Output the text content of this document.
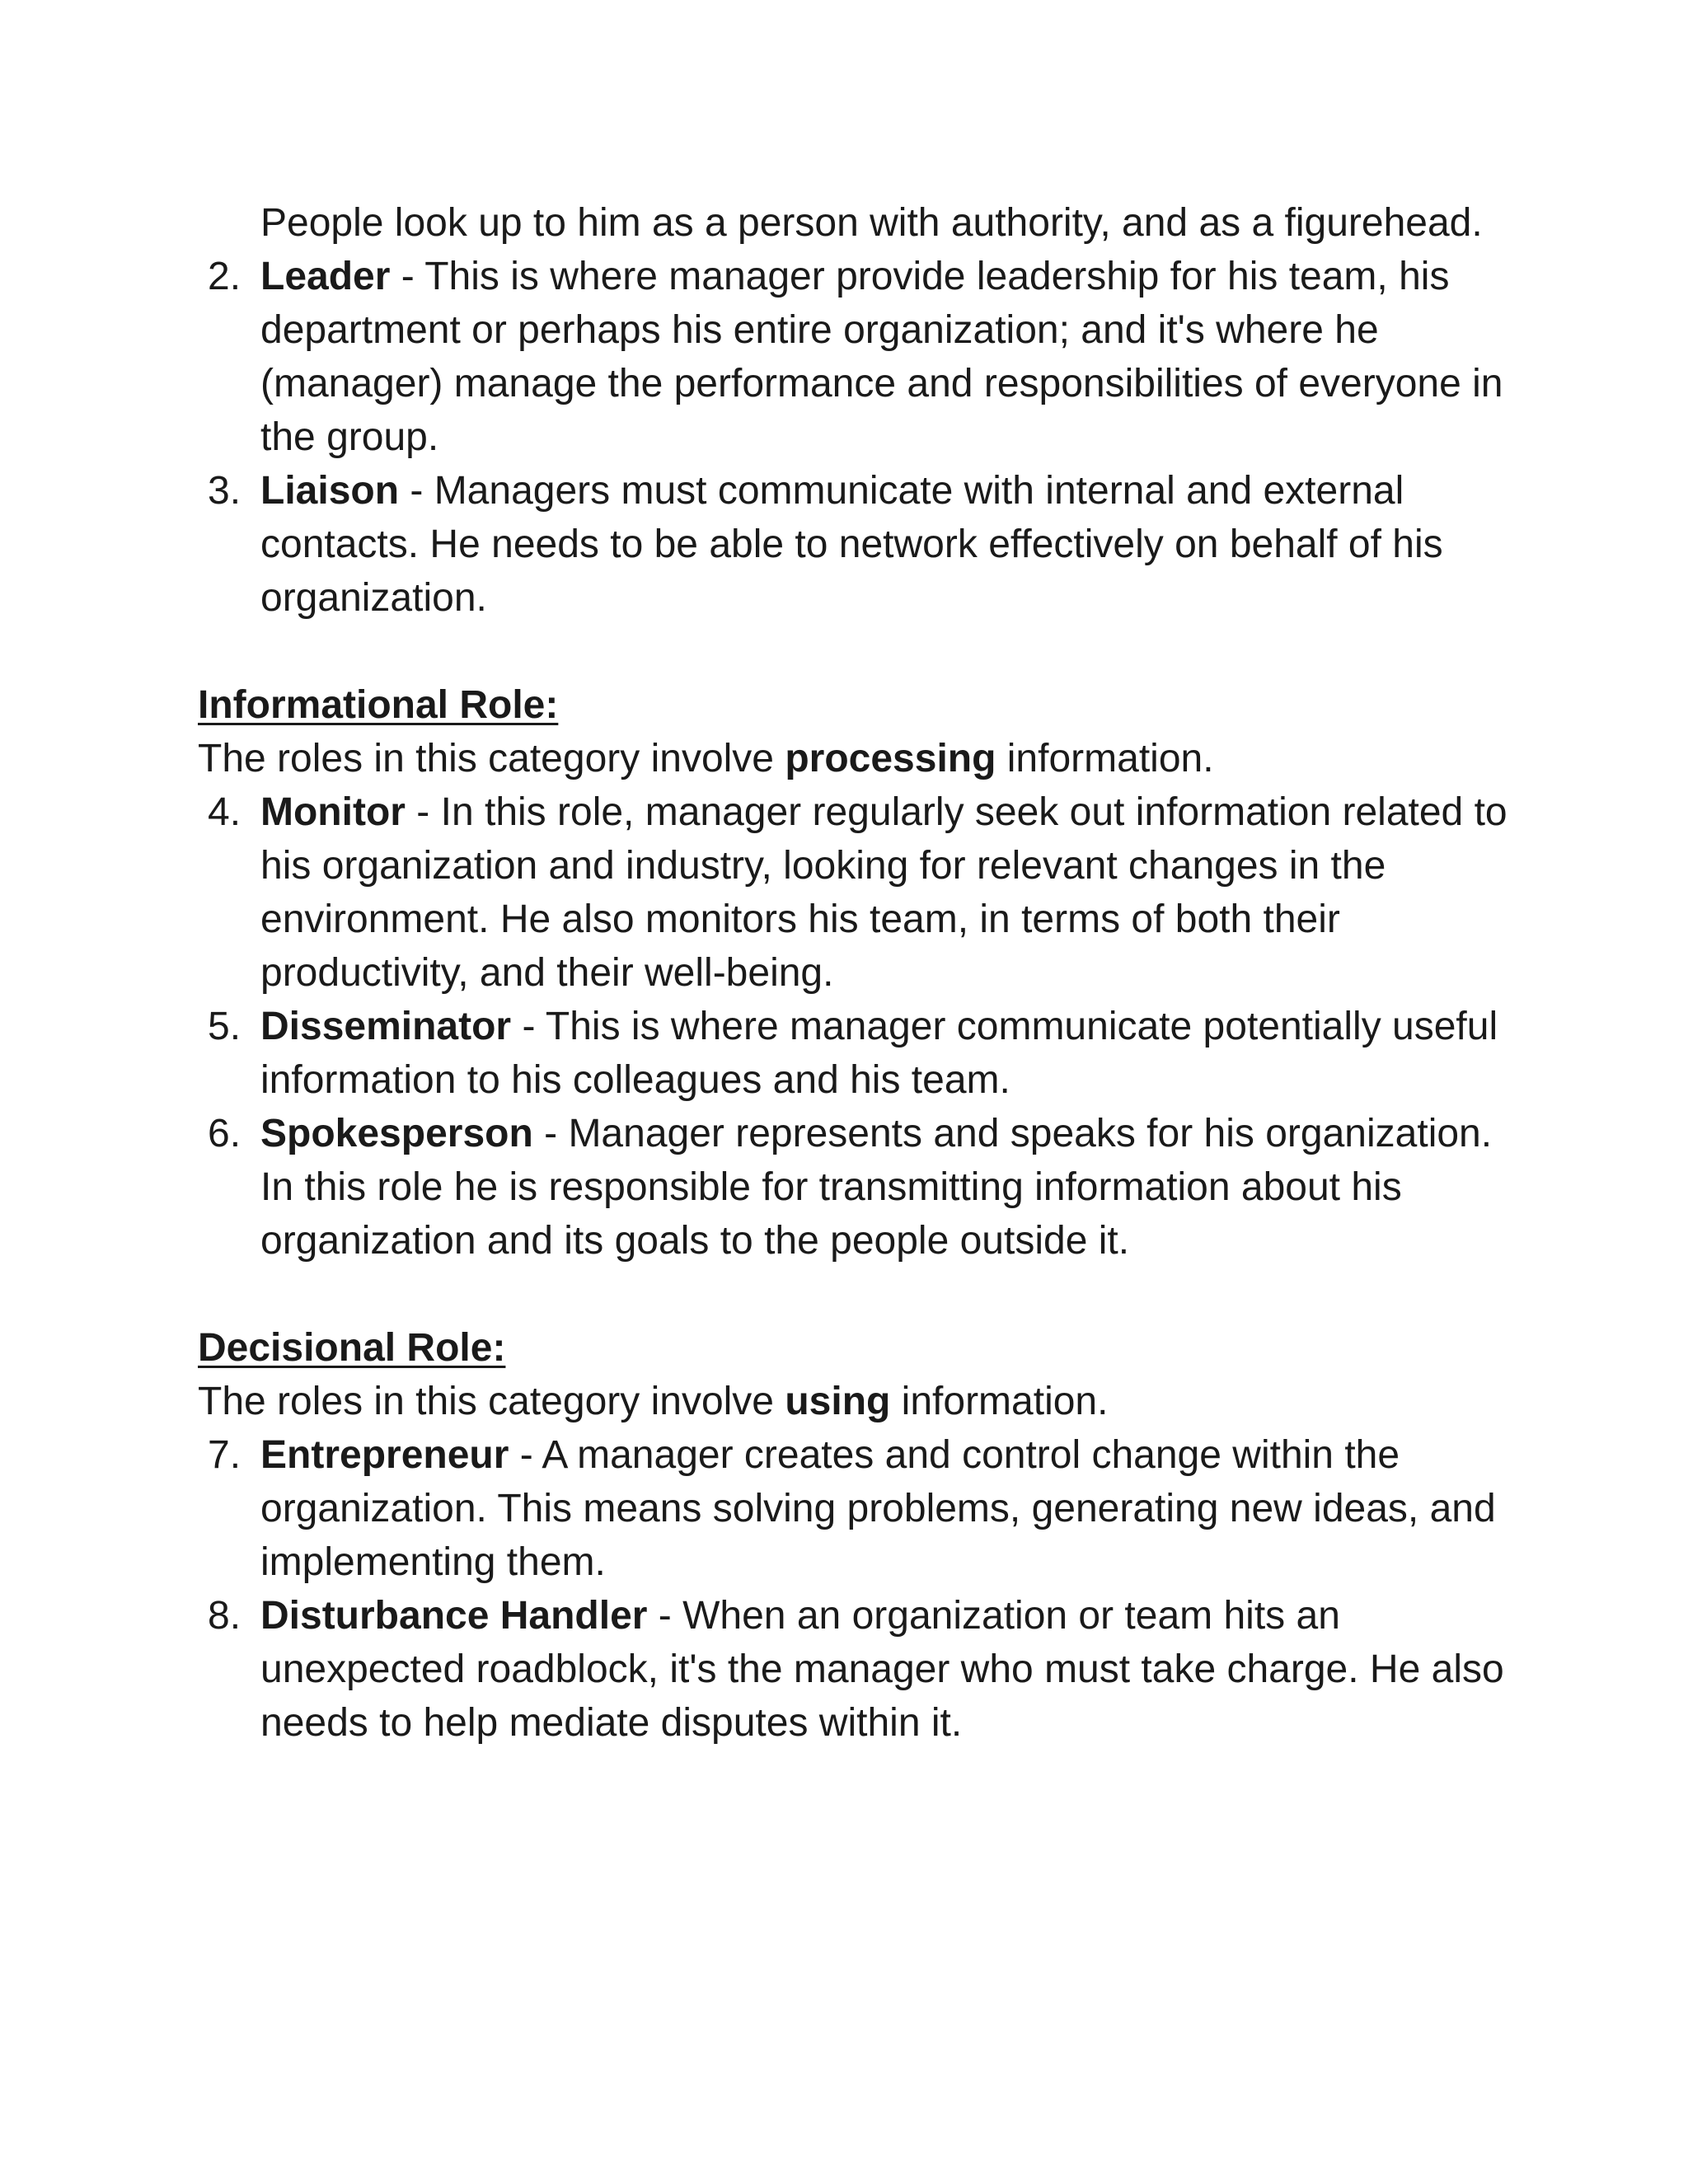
People look up to him as a person with authority, and as a figurehead.
2. Leader - This is where manager provide leadership for his team, his department or perhaps his entire organization; and it's where he (manager) manage the performance and responsibilities of everyone in the group.
3. Liaison - Managers must communicate with internal and external contacts. He needs to be able to network effectively on behalf of his organization.
Informational Role:

The roles in this category involve processing information.

4. Monitor - In this role, manager regularly seek out information related to his organization and industry, looking for relevant changes in the environment. He also monitors his team, in terms of both their productivity, and their well-being.
5. Disseminator - This is where manager communicate potentially useful information to his colleagues and his team.
6. Spokesperson - Manager represents and speaks for his organization. In this role he is responsible for transmitting information about his organization and its goals to the people outside it.
Decisional Role:

The roles in this category involve using information.

7. Entrepreneur - A manager creates and control change within the organization. This means solving problems, generating new ideas, and implementing them.
8. Disturbance Handler - When an organization or team hits an unexpected roadblock, it's the manager who must take charge. He also needs to help mediate disputes within it.
